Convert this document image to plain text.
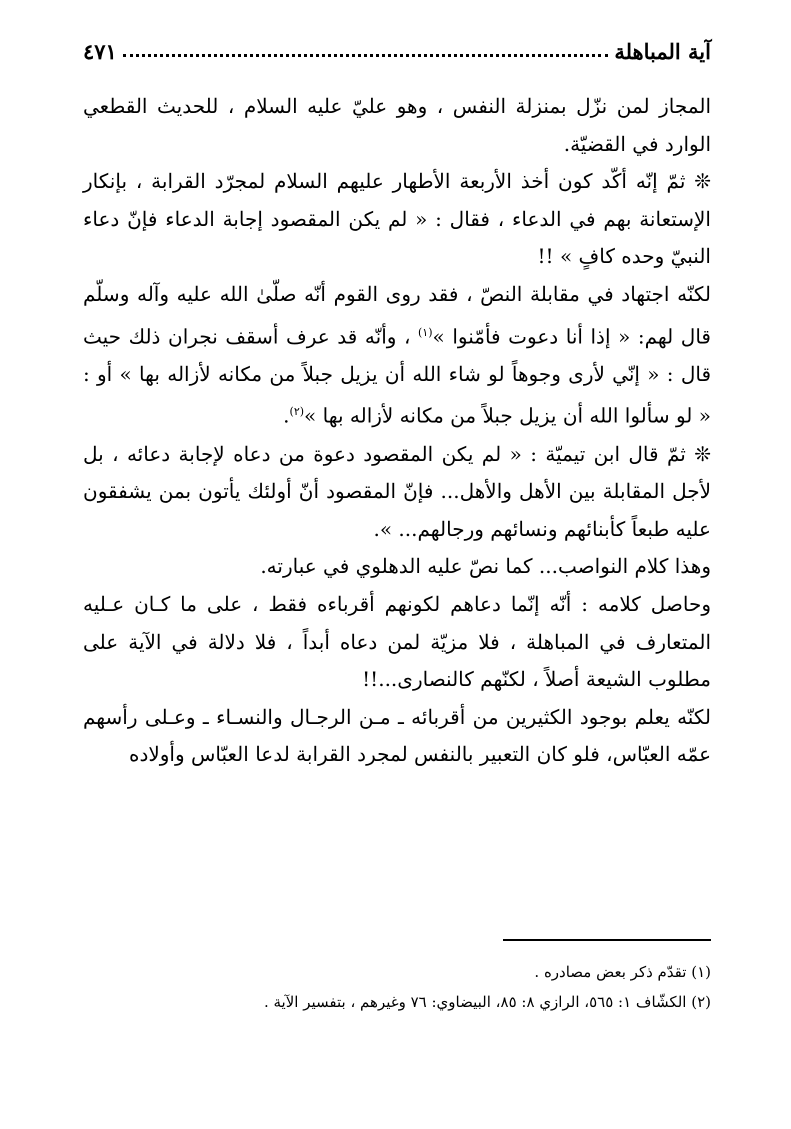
آية المباهلة
٤٧١

المجاز لمن نزّل بمنزلة النفس ، وهو عليّ عليه السلام ، للحديث القطعي الوارد في القضيّة.

❊ ثمّ إنّه أكّد كون أخذ الأربعة الأطهار عليهم السلام لمجرّد القرابة ، بإنكار الإستعانة بهم في الدعاء ، فقال : « لم يكن المقصود إجابة الدعاء فإنّ دعاء النبيّ وحده كافٍ » !!

لكنّه اجتهاد في مقابلة النصّ ، فقد روى القوم أنّه صلّىٰ الله عليه وآله وسلّم قال لهم: « إذا أنا دعوت فأمّنوا »$^{(١)}$ ، وأنّه قد عرف أسقف نجران ذلك حيث قال : « إنّي لأرى وجوهاً لو شاء الله أن يزيل جبلاً من مكانه لأزاله بها » أو : « لو سألوا الله أن يزيل جبلاً من مكانه لأزاله بها »$^{(٢)}$.

❊ ثمّ قال ابن تيميّة : « لم يكن المقصود دعوة من دعاه لإجابة دعائه ، بل لأجل المقابلة بين الأهل والأهل... فإنّ المقصود أنّ أولئك يأتون بمن يشفقون عليه طبعاً كأبنائهم ونسائهم ورجالهم... ».

وهذا كلام النواصب... كما نصّ عليه الدهلوي في عبارته.

وحاصل كلامه : أنّه إنّما دعاهم لكونهم أقرباءه فقط ، على ما كـان عـليه المتعارف في المباهلة ، فلا مزيّة لمن دعاه أبداً ، فلا دلالة في الآية على مطلوب الشيعة أصلاً ، لكنّهم كالنصارى...!!

لكنّه يعلم بوجود الكثيرين من أقربائه ـ مـن الرجـال والنسـاء ـ وعـلى رأسهم عمّه العبّاس، فلو كان التعبير بالنفس لمجرد القرابة لدعا العبّاس وأولاده

(١) تقدّم ذكر بعض مصادره .

(٢) الكشّاف ١: ٥٦٥، الرازي ٨: ٨٥، البيضاوي: ٧٦ وغيرهم ، بتفسير الآية .
